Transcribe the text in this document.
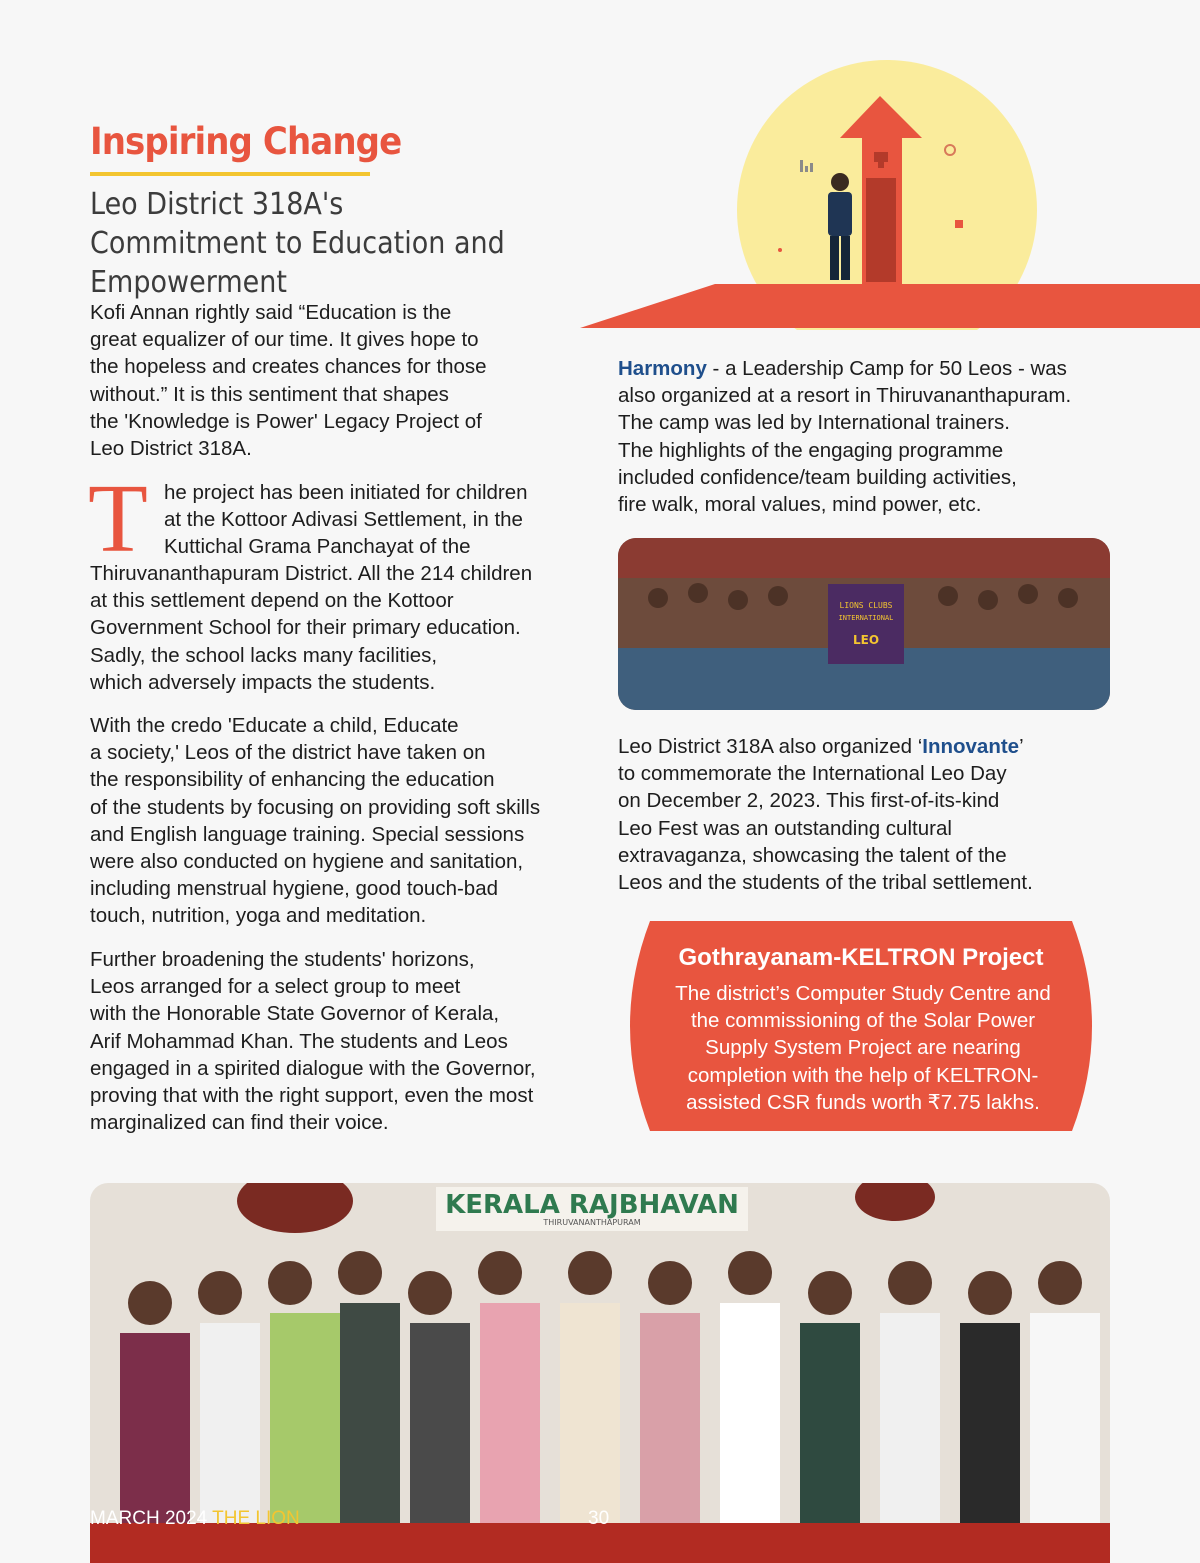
Inspiring Change
Leo District 318A's Commitment to Education and Empowerment
Kofi Annan rightly said “Education is the
great equalizer of our time. It gives hope to
the hopeless and creates chances for those
without.” It is this sentiment that shapes
the 'Knowledge is Power' Legacy Project of
Leo District 318A.
T he project has been initiated for children
at the Kottoor Adivasi Settlement, in the
Kuttichal Grama Panchayat of the
Thiruvananthapuram District. All the 214 children
at this settlement depend on the Kottoor
Government School for their primary education.
Sadly, the school lacks many facilities,
which adversely impacts the students.
With the credo 'Educate a child, Educate
a society,' Leos of the district have taken on
the responsibility of enhancing the education
of the students by focusing on providing soft skills
and English language training. Special sessions
were also conducted on hygiene and sanitation,
including menstrual hygiene, good touch-bad
touch, nutrition, yoga and meditation.
Further broadening the students' horizons,
Leos arranged for a select group to meet
with the Honorable State Governor of Kerala,
Arif Mohammad Khan. The students and Leos
engaged in a spirited dialogue with the Governor,
proving that with the right support, even the most
marginalized can find their voice.
Harmony - a Leadership Camp for 50 Leos - was
also organized at a resort in Thiruvananthapuram.
The camp was led by International trainers.
The highlights of the engaging programme
included confidence/team building activities,
fire walk, moral values, mind power, etc.
LIONS CLUBS
INTERNATIONAL
LEO
Leo District 318A also organized ‘Innovante’
to commemorate the International Leo Day
on December 2, 2023. This first-of-its-kind
Leo Fest was an outstanding cultural
extravaganza, showcasing the talent of the
Leos and the students of the tribal settlement.
Gothrayanam-KELTRON Project
The district’s Computer Study Centre and
the commissioning of the Solar Power
Supply System Project are nearing
completion with the help of KELTRON-
assisted CSR funds worth ₹7.75 lakhs.
KERALA RAJBHAVAN
THIRUVANANTHAPURAM
MARCH 2024 THE LION	30
